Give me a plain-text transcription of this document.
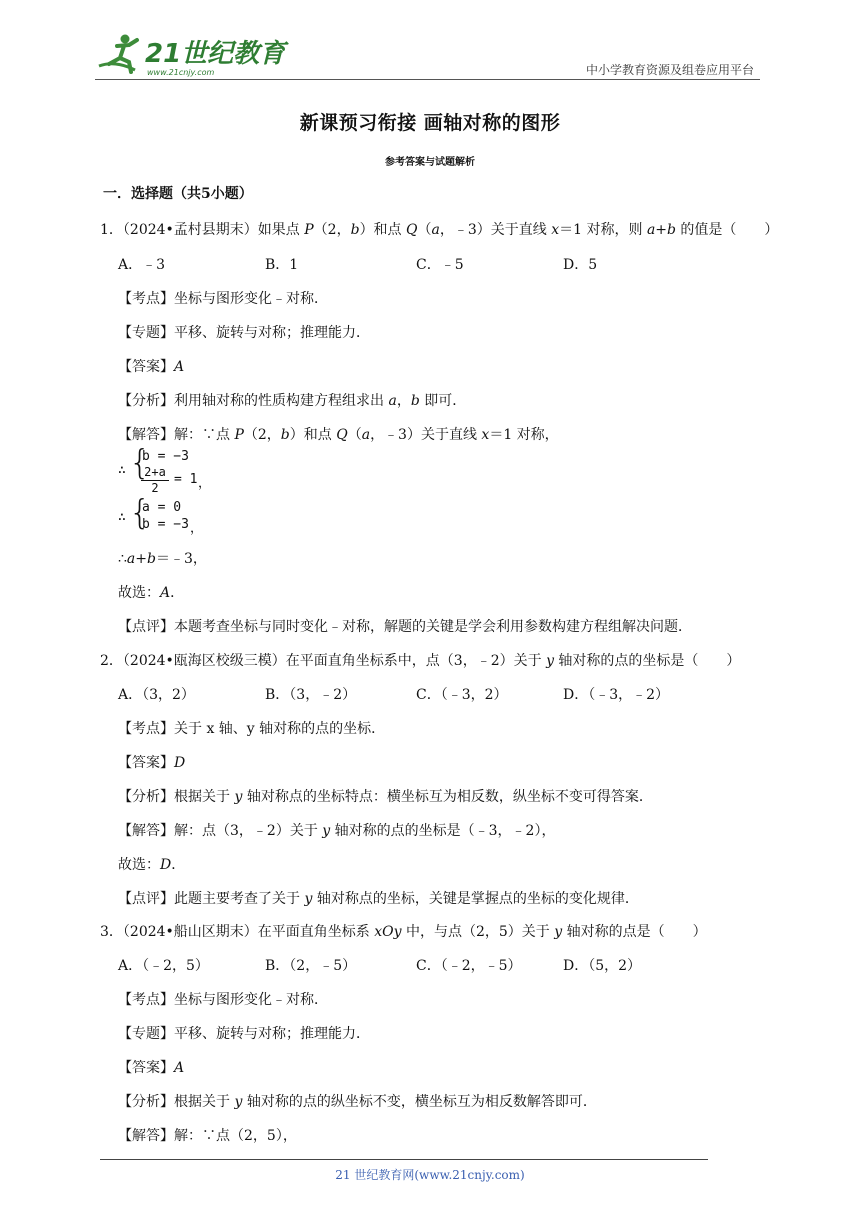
21世纪教育
www.21cnjy.com	中小学教育资源及组卷应用平台
新课预习衔接 画轴对称的图形
参考答案与试题解析
一．选择题（共5小题）
1．（2024•孟村县期末）如果点 P（2，b）和点 Q（a，﹣3）关于直线 x＝1 对称，则 a+b 的值是（　　）
A．﹣3	B．1	C．﹣5	D．5
【考点】坐标与图形变化﹣对称．
【专题】平移、旋转与对称；推理能力．
【答案】A
【分析】利用轴对称的性质构建方程组求出 a，b 即可．
【解答】解：∵点 P（2，b）和点 Q（a，﹣3）关于直线 x＝1 对称，
∴ {
b = −3
2+a
2
= 1 ，
∴ {
a = 0
b = −3 ，
∴a+b＝﹣3，
故选：A．
【点评】本题考查坐标与同时变化﹣对称，解题的关键是学会利用参数构建方程组解决问题．
2．（2024•瓯海区校级三模）在平面直角坐标系中，点（3，﹣2）关于 y 轴对称的点的坐标是（　　）
A．（3，2）	B．（3，﹣2）	C．（﹣3，2）	D．（﹣3，﹣2）
【考点】关于 x 轴、y 轴对称的点的坐标．
【答案】D
【分析】根据关于 y 轴对称点的坐标特点：横坐标互为相反数，纵坐标不变可得答案．
【解答】解：点（3，﹣2）关于 y 轴对称的点的坐标是（﹣3，﹣2），
故选：D．
【点评】此题主要考查了关于 y 轴对称点的坐标，关键是掌握点的坐标的变化规律．
3．（2024•船山区期末）在平面直角坐标系 xOy 中，与点（2，5）关于 y 轴对称的点是（　　）
A．（﹣2，5）	B．（2，﹣5）	C．（﹣2，﹣5）	D．（5，2）
【考点】坐标与图形变化﹣对称．
【专题】平移、旋转与对称；推理能力．
【答案】A
【分析】根据关于 y 轴对称的点的纵坐标不变，横坐标互为相反数解答即可．
【解答】解：∵点（2，5），
21 世纪教育网(www.21cnjy.com)
